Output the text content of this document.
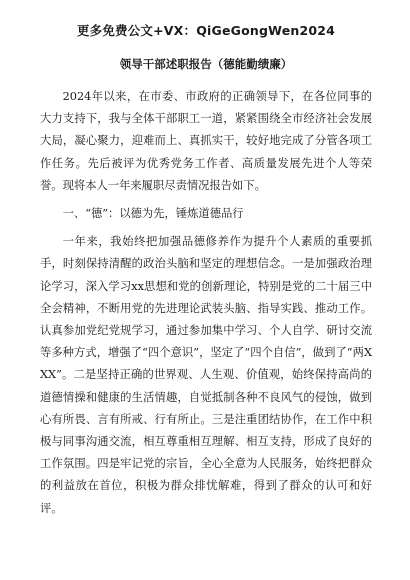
更多免费公文+VX：QiGeGongWen2024
领导干部述职报告（德能勤绩廉）

2024年以来，在市委、市政府的正确领导下，在各位同事的大力支持下，我与全体干部职工一道，紧紧围绕全市经济社会发展大局，凝心聚力，迎难而上、真抓实干，较好地完成了分管各项工作任务。先后被评为优秀党务工作者、高质量发展先进个人等荣誉。现将本人一年来履职尽责情况报告如下。

一、“德”：以德为先，锤炼道德品行

一年来，我始终把加强品德修养作为提升个人素质的重要抓手，时刻保持清醒的政治头脑和坚定的理想信念。一是加强政治理论学习，深入学习xx思想和党的创新理论，特别是党的二十届三中全会精神，不断用党的先进理论武装头脑、指导实践、推动工作。认真参加党纪党规学习，通过参加集中学习、个人自学、研讨交流等多种方式，增强了“四个意识”，坚定了“四个自信”，做到了“两XXX”。二是坚持正确的世界观、人生观、价值观，始终保持高尚的道德情操和健康的生活情趣，自觉抵制各种不良风气的侵蚀，做到心有所畏、言有所戒、行有所止。三是注重团结协作，在工作中积极与同事沟通交流，相互尊重相互理解、相互支持，形成了良好的工作氛围。四是牢记党的宗旨，全心全意为人民服务，始终把群众的利益放在首位，积极为群众排忧解难，得到了群众的认可和好评。
